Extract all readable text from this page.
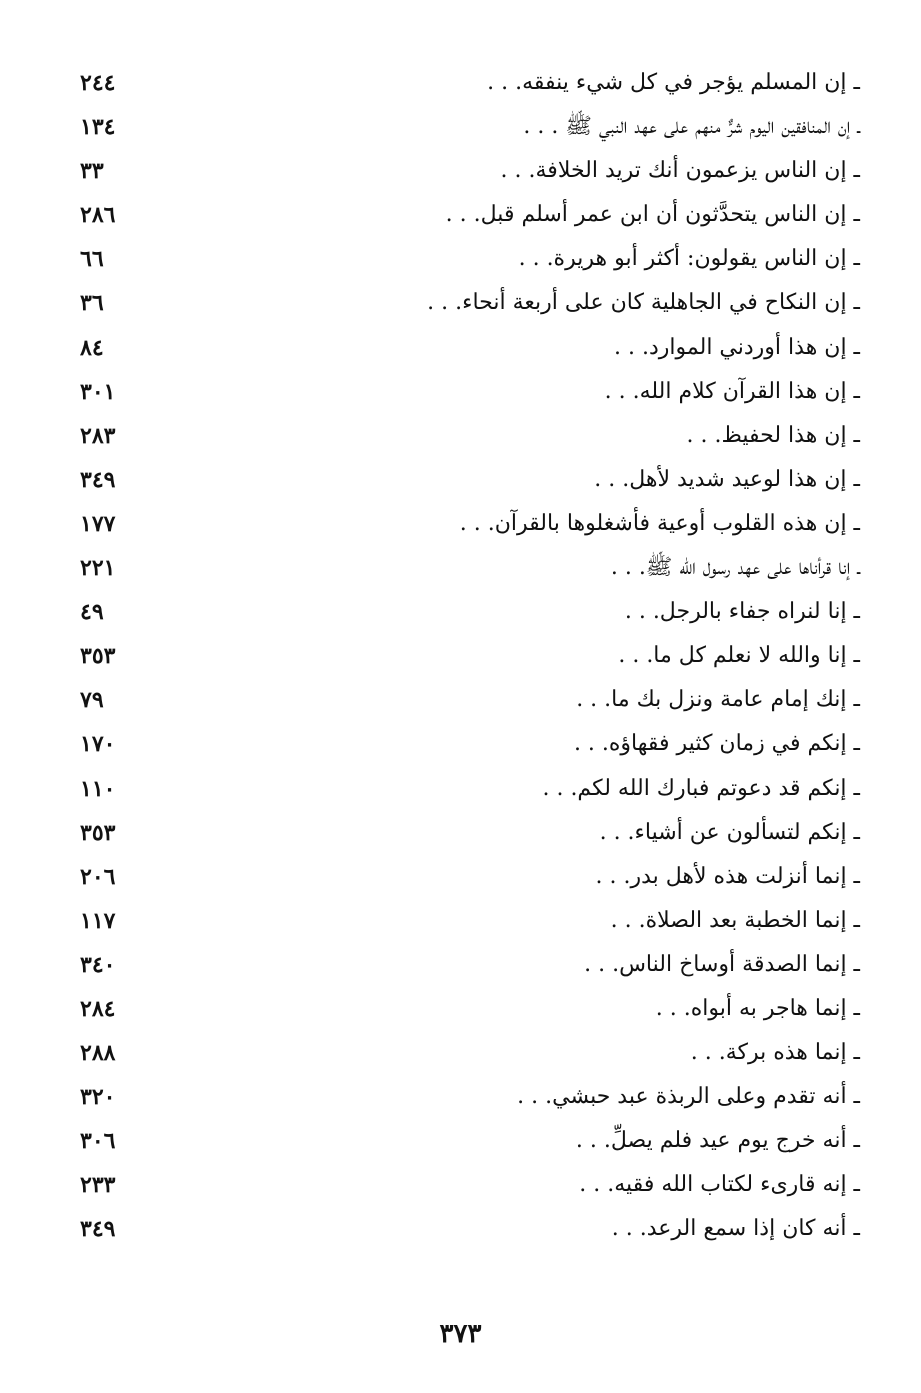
ـ إن المسلم يؤجر في كل شيء ينفقه. . .
٢٤٤
ـ إن المنافقين اليوم شرٌّ منهم على عهد النبي ﷺ . . .
١٣٤
ـ إن الناس يزعمون أنك تريد الخلافة. . .
٣٣
ـ إن الناس يتحدَّثون أن ابن عمر أسلم قبل. . .
٢٨٦
ـ إن الناس يقولون: أكثر أبو هريرة. . .
٦٦
ـ إن النكاح في الجاهلية كان على أربعة أنحاء. . .
٣٦
ـ إن هذا أوردني الموارد. . .
٨٤
ـ إن هذا القرآن كلام الله. . .
٣٠١
ـ إن هذا لحفيظ. . .
٢٨٣
ـ إن هذا لوعيد شديد لأهل. . .
٣٤٩
ـ إن هذه القلوب أوعية فأشغلوها بالقرآن. . .
١٧٧
ـ إنا قرأناها على عهد رسول الله ﷺ. . .
٢٢١
ـ إنا لنراه جفاء بالرجل. . .
٤٩
ـ إنا والله لا نعلم كل ما. . .
٣٥٣
ـ إنك إمام عامة ونزل بك ما. . .
٧٩
ـ إنكم في زمان كثير فقهاؤه. . .
١٧٠
ـ إنكم قد دعوتم فبارك الله لكم. . .
١١٠
ـ إنكم لتسألون عن أشياء. . .
٣٥٣
ـ إنما أنزلت هذه لأهل بدر. . .
٢٠٦
ـ إنما الخطبة بعد الصلاة. . .
١١٧
ـ إنما الصدقة أوساخ الناس. . .
٣٤٠
ـ إنما هاجر به أبواه. . .
٢٨٤
ـ إنما هذه بركة. . .
٢٨٨
ـ أنه تقدم وعلى الربذة عبد حبشي. . .
٣٢٠
ـ أنه خرج يوم عيد فلم يصلِّ. . .
٣٠٦
ـ إنه قارىء لكتاب الله فقيه. . .
٢٣٣
ـ أنه كان إذا سمع الرعد. . .
٣٤٩
٣٧٣
